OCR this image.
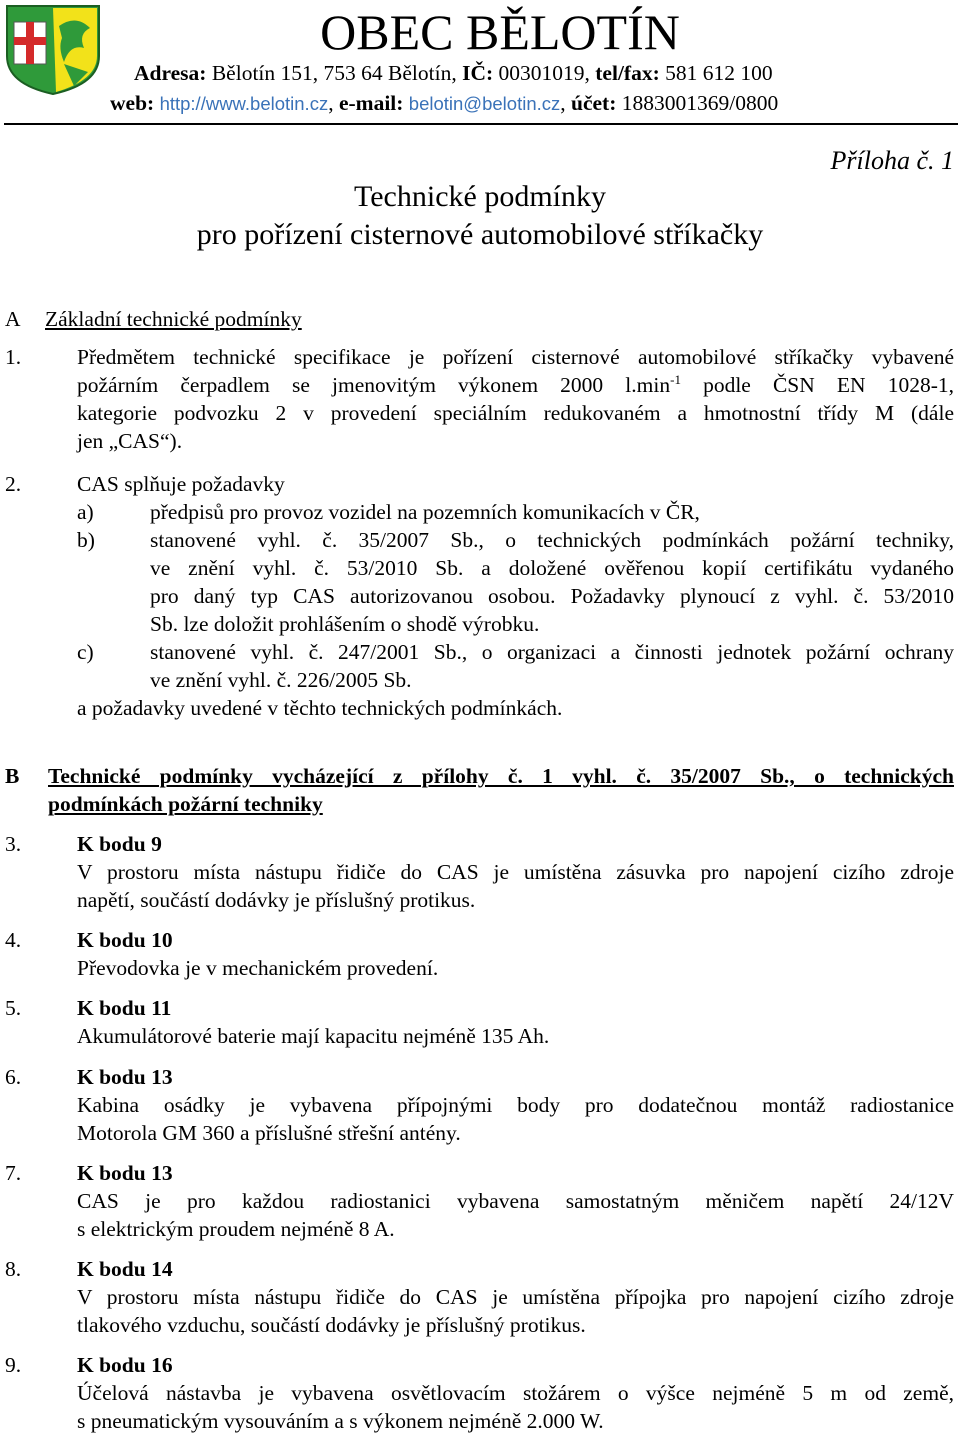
OBEC BĚLOTÍN
Adresa: Bělotín 151, 753 64 Bělotín, IČ: 00301019, tel/fax: 581 612 100
web: http://www.belotin.cz, e-mail: belotin@belotin.cz, účet: 1883001369/0800
Příloha č. 1
Technické podmínky
pro pořízení cisternové automobilové stříkačky
A Základní technické podmínky
1.	Předmětem technické specifikace je pořízení cisternové automobilové stříkačky vybavené
požárním čerpadlem se jmenovitým výkonem 2000 $l.\min^{-1}$ podle ČSN EN 1028-1,
kategorie podvozku 2 v provedení speciálním redukovaném a hmotnostní třídy M (dále
jen „CAS“).
2.	CAS splňuje požadavky
a)	předpisů pro provoz vozidel na pozemních komunikacích v ČR,
b)	stanovené vyhl. č. 35/2007 Sb., o technických podmínkách požární techniky,
ve znění vyhl. č. 53/2010 Sb. a doložené ověřenou kopií certifikátu vydaného
pro daný typ CAS autorizovanou osobou. Požadavky plynoucí z vyhl. č. 53/2010
Sb. lze doložit prohlášením o shodě výrobku.
c)	stanovené vyhl. č. 247/2001 Sb., o organizaci a činnosti jednotek požární ochrany
ve znění vyhl. č. 226/2005 Sb.
a požadavky uvedené v těchto technických podmínkách.
B Technické podmínky vycházející z přílohy č. 1 vyhl. č. 35/2007 Sb., o technických
podmínkách požární techniky
3.	K bodu 9
V prostoru místa nástupu řidiče do CAS je umístěna zásuvka pro napojení cizího zdroje
napětí, součástí dodávky je příslušný protikus.
4.	K bodu 10
Převodovka je v mechanickém provedení.
5.	K bodu 11
Akumulátorové baterie mají kapacitu nejméně 135 Ah.
6.	K bodu 13
Kabina osádky je vybavena přípojnými body pro dodatečnou montáž radiostanice
Motorola GM 360 a příslušné střešní antény.
7.	K bodu 13
CAS je pro každou radiostanici vybavena samostatným měničem napětí 24/12V
s elektrickým proudem nejméně 8 A.
8.	K bodu 14
V prostoru místa nástupu řidiče do CAS je umístěna přípojka pro napojení cizího zdroje
tlakového vzduchu, součástí dodávky je příslušný protikus.
9.	K bodu 16
Účelová nástavba je vybavena osvětlovacím stožárem o výšce nejméně 5 m od země,
s pneumatickým vysouváním a s výkonem nejméně 2.000 W.
